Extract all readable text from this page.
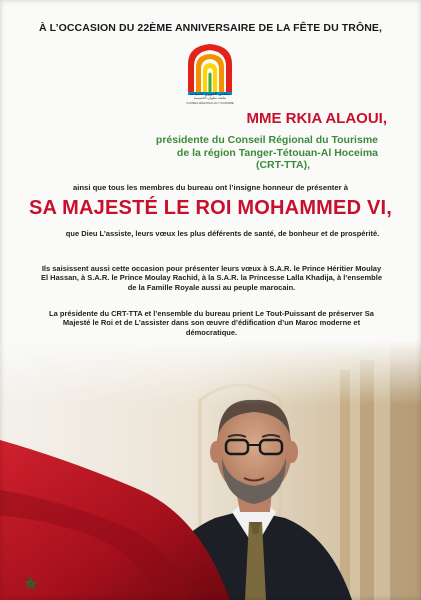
À L’OCCASION DU 22ÈME ANNIVERSAIRE DE LA FÊTE DU TRÔNE,
مجلس الجهوي للسياحة
طنجة تطوان الحسيمة
CONSEIL RÉGIONAL DU TOURISME
MME RKIA ALAOUI,
présidente du Conseil Régional du Tourisme
de la région Tanger-Tétouan-Al Hoceima
(CRT-TTA),
ainsi que tous les membres du bureau ont l’insigne honneur de présenter à
SA MAJESTÉ LE ROI MOHAMMED VI,
que Dieu L’assiste, leurs vœux les plus déférents de santé, de bonheur et de prospérité.
Ils saisissent aussi cette occasion pour présenter leurs vœux à S.A.R. le Prince Héritier Moulay El Hassan, à S.A.R. le Prince Moulay Rachid, à la S.A.R. la Princesse Lalla Khadija, à l’ensemble de la Famille Royale aussi au peuple marocain.
La présidente du CRT-TTA et l’ensemble du bureau prient Le Tout-Puissant de préserver Sa Majesté le Roi et de L’assister dans son œuvre d’édification d’un Maroc moderne et démocratique.
